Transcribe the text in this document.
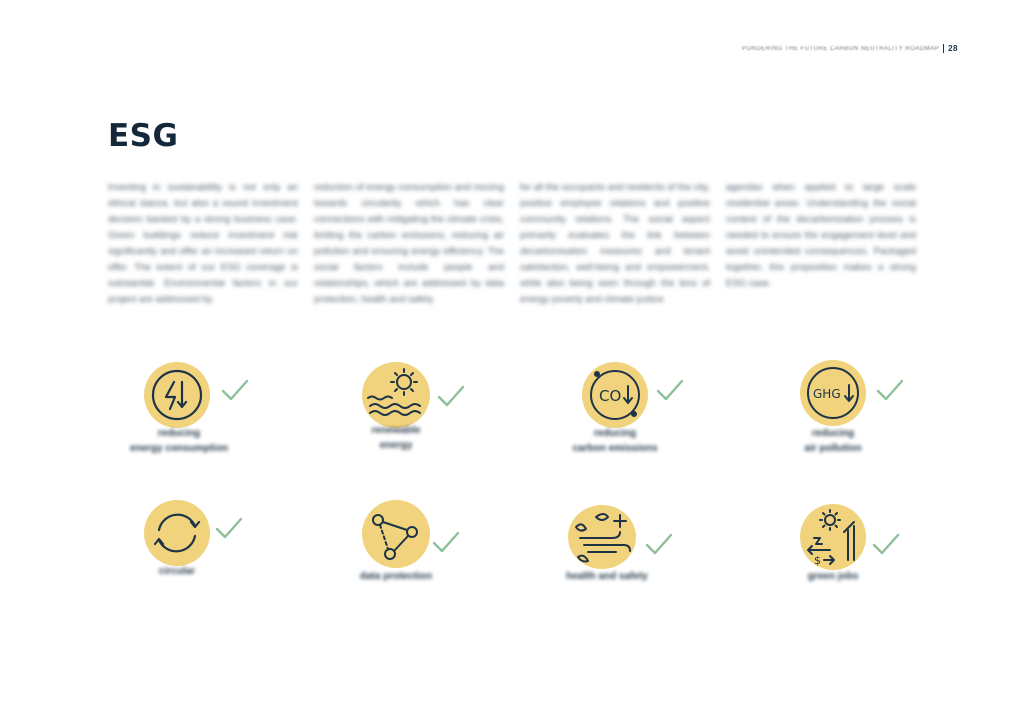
PONDERING THE FUTURE CARBON NEUTRALITY ROADMAP 28
ESG

Investing in sustainability is not only an ethical stance, but also a sound investment decision backed by a strong business case. Green buildings reduce investment risk significantly and offer an increased return on offer. The extent of our ESG coverage is substantial. Environmental factors in our project are addressed by

reduction of energy consumption and moving towards circularity which has clear connections with mitigating the climate crisis, limiting the carbon emissions, reducing air pollution and ensuring energy efficiency. The social factors include people and relationships, which are addressed by data protection, health and safety

for all the occupants and residents of the city, positive employee relations and positive community relations. The social aspect primarily evaluates the link between decarbonisation measures and tenant satisfaction, well-being and empowerment, while also being seen through the lens of energy poverty and climate justice

agendas when applied to large scale residential areas. Understanding the social context of the decarbonization process is needed to ensure the engagement level and avoid unintended consequences. Packaged together, this proposition makes a strong ESG case.

reducing
energy consumption
renewable
energy
CO
reducing
carbon emissions
GHG
reducing
air pollution
circular	data protection	health and safety
$
green jobs
